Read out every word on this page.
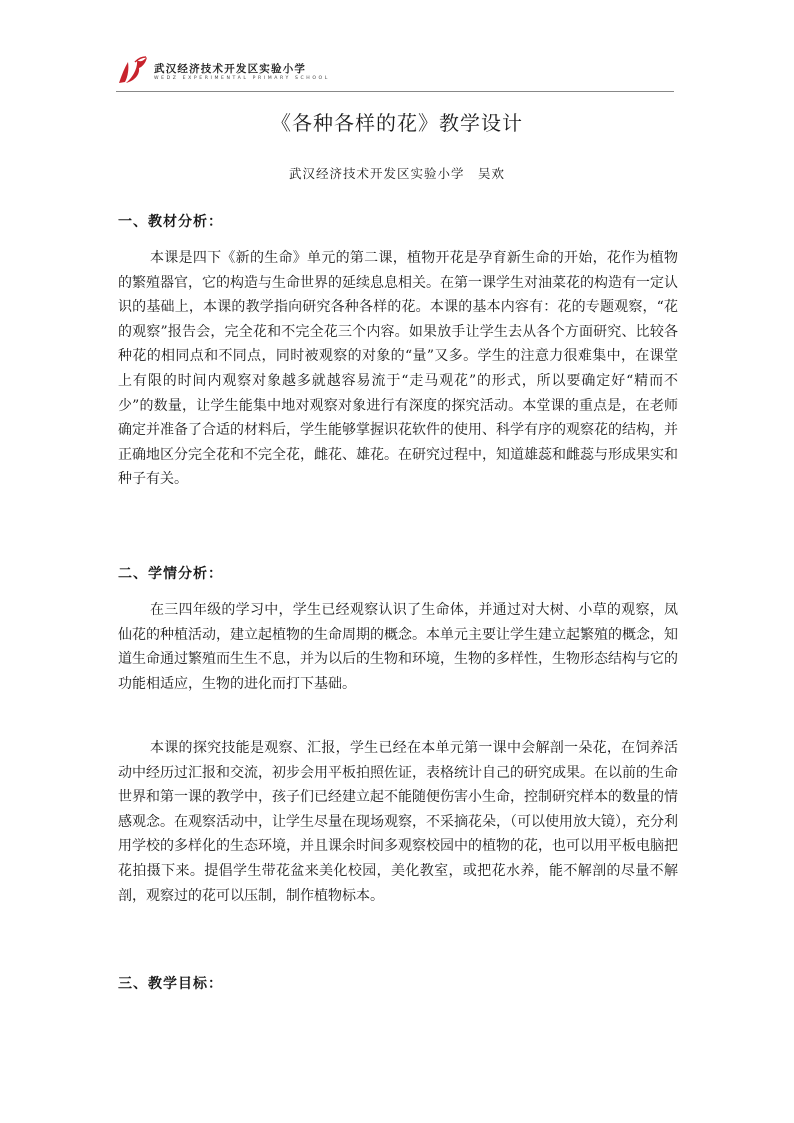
武汉经济技术开发区实验小学
WEDZ EXPERIMENTAL PRIMARY SCHOOL
《各种各样的花》教学设计
武汉经济技术开发区实验小学　吴欢
一、教材分析：

本课是四下《新的生命》单元的第二课，植物开花是孕育新生命的开始，花作为植物的繁殖器官，它的构造与生命世界的延续息息相关。在第一课学生对油菜花的构造有一定认识的基础上，本课的教学指向研究各种各样的花。本课的基本内容有：花的专题观察，“花的观察”报告会，完全花和不完全花三个内容。如果放手让学生去从各个方面研究、比较各种花的相同点和不同点，同时被观察的对象的“量”又多。学生的注意力很难集中，在课堂上有限的时间内观察对象越多就越容易流于“走马观花”的形式，所以要确定好“精而不少”的数量，让学生能集中地对观察对象进行有深度的探究活动。本堂课的重点是，在老师确定并准备了合适的材料后，学生能够掌握识花软件的使用、科学有序的观察花的结构，并正确地区分完全花和不完全花，雌花、雄花。在研究过程中，知道雄蕊和雌蕊与形成果实和种子有关。

二、学情分析：

在三四年级的学习中，学生已经观察认识了生命体，并通过对大树、小草的观察，凤仙花的种植活动，建立起植物的生命周期的概念。本单元主要让学生建立起繁殖的概念，知道生命通过繁殖而生生不息，并为以后的生物和环境，生物的多样性，生物形态结构与它的功能相适应，生物的进化而打下基础。

本课的探究技能是观察、汇报，学生已经在本单元第一课中会解剖一朵花，在饲养活动中经历过汇报和交流，初步会用平板拍照佐证，表格统计自己的研究成果。在以前的生命世界和第一课的教学中，孩子们已经建立起不能随便伤害小生命，控制研究样本的数量的情感观念。在观察活动中，让学生尽量在现场观察，不采摘花朵，（可以使用放大镜），充分利用学校的多样化的生态环境，并且课余时间多观察校园中的植物的花，也可以用平板电脑把花拍摄下来。提倡学生带花盆来美化校园，美化教室，或把花水养，能不解剖的尽量不解剖，观察过的花可以压制，制作植物标本。

三、教学目标：
